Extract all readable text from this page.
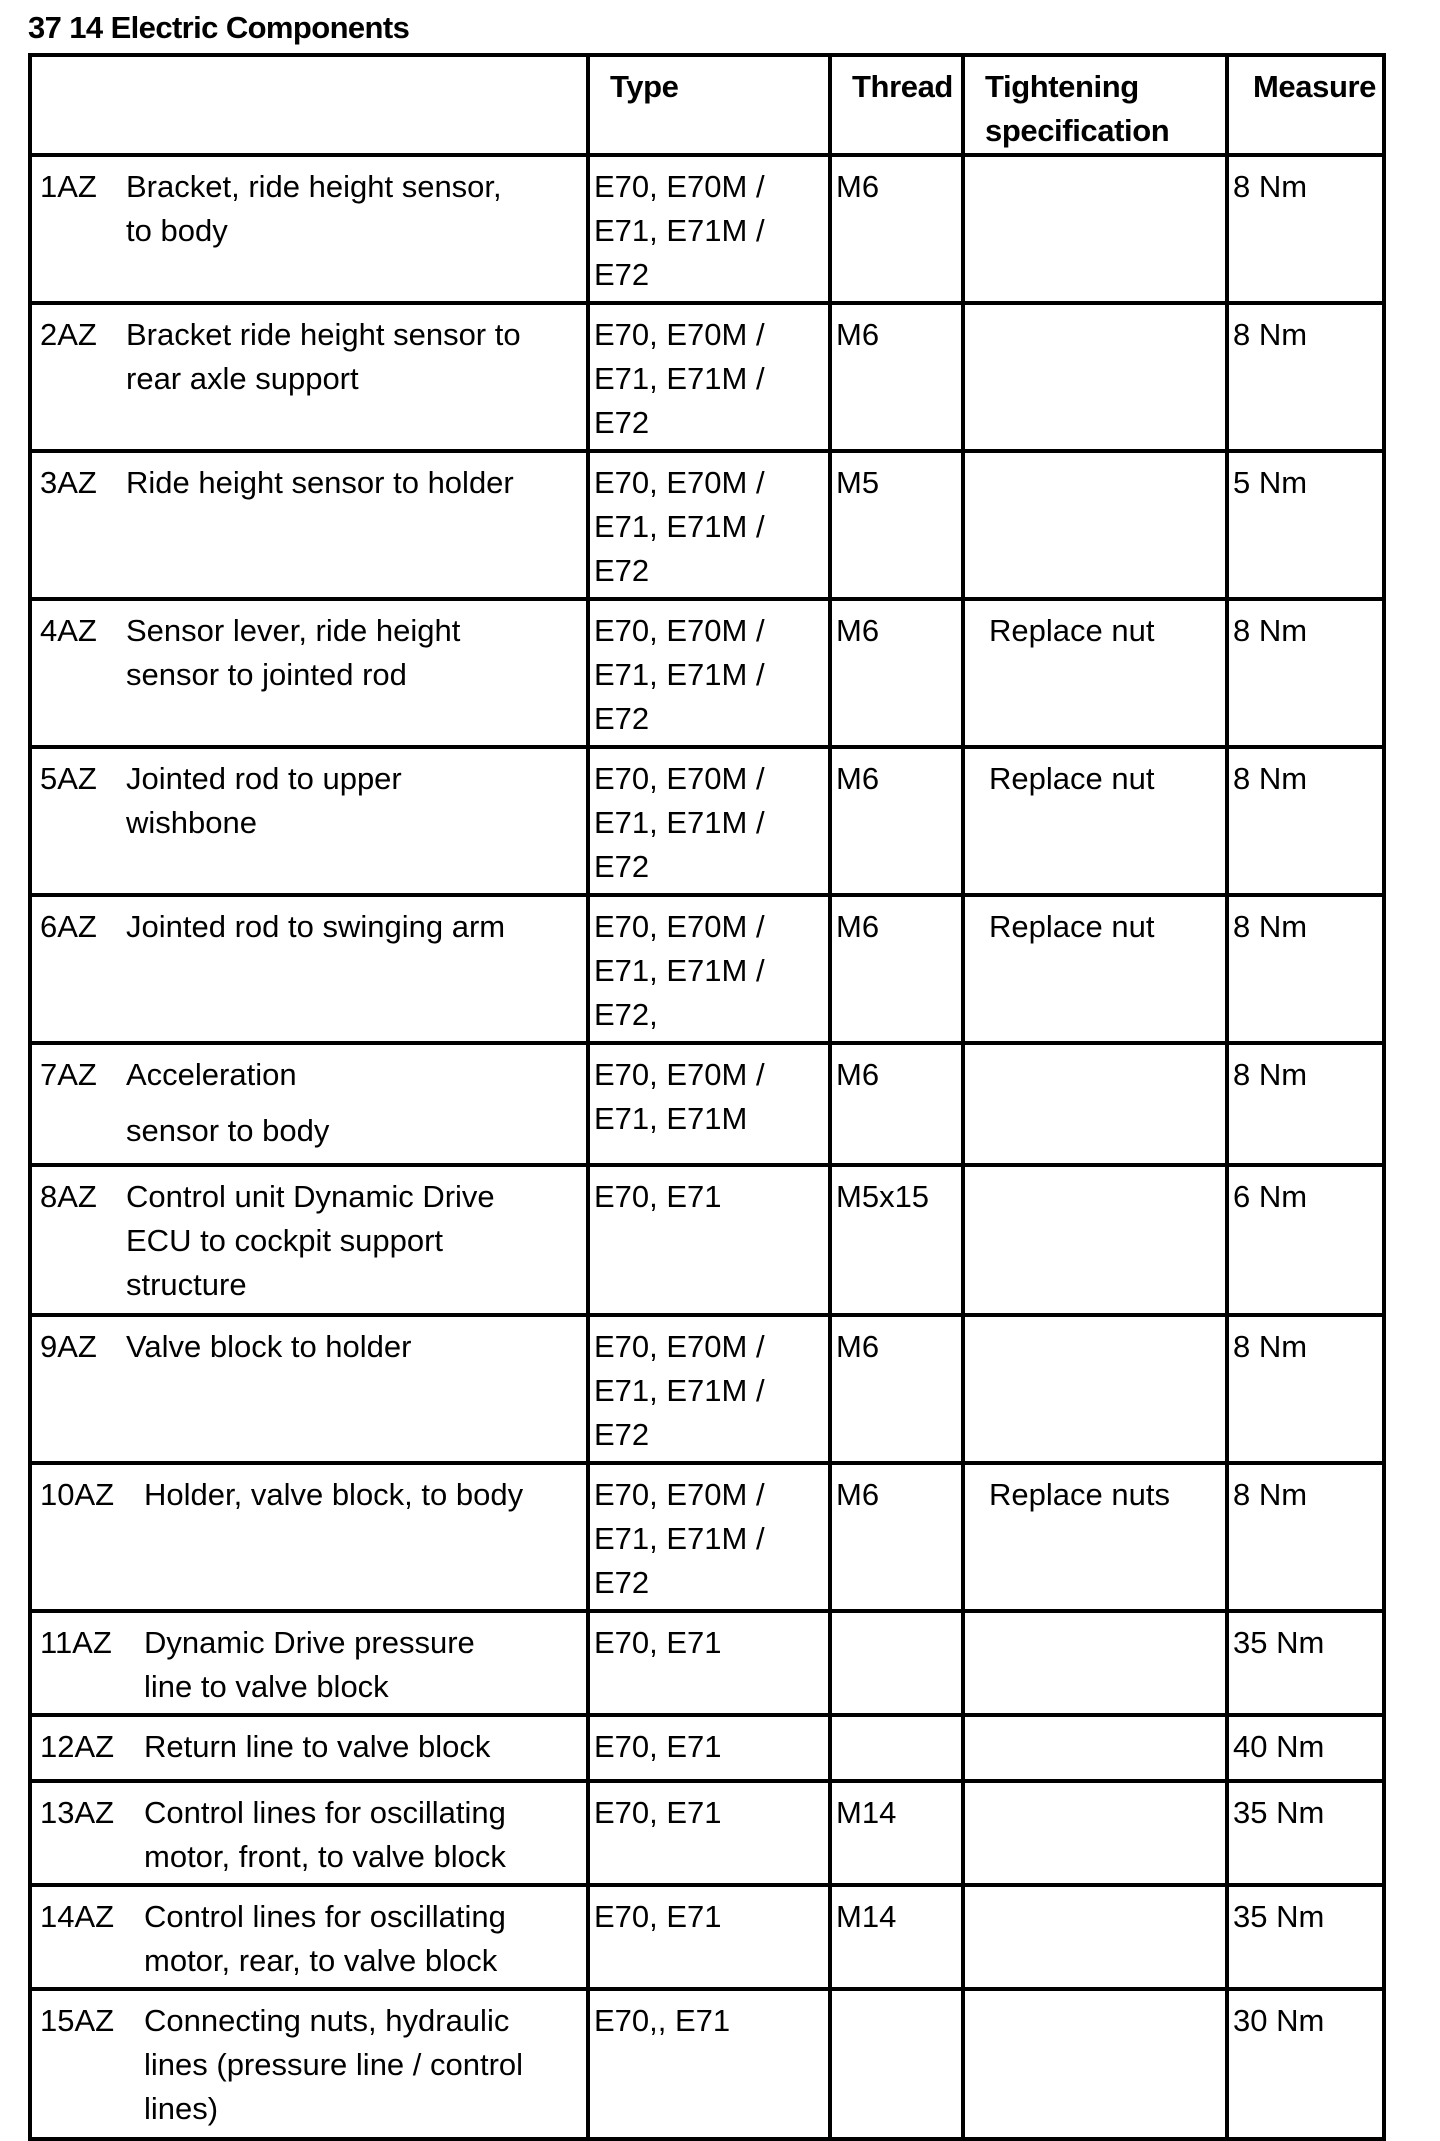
37 14 Electric Components
	Type	Thread	Tightening specification	Measure

1AZ Bracket, ride height sensor,
to body	E70, E70M /
E71, E71M /
E72	M6		8 Nm

2AZ Bracket ride height sensor to
rear axle support	E70, E70M /
E71, E71M /
E72	M6		8 Nm

3AZ Ride height sensor to holder	E70, E70M /
E71, E71M /
E72	M5		5 Nm

4AZ Sensor lever, ride height
sensor to jointed rod	E70, E70M /
E71, E71M /
E72	M6	Replace nut	8 Nm

5AZ Jointed rod to upper
wishbone	E70, E70M /
E71, E71M /
E72	M6	Replace nut	8 Nm

6AZ Jointed rod to swinging arm	E70, E70M /
E71, E71M /
E72,	M6	Replace nut	8 Nm

7AZ Acceleration
sensor to body	E70, E70M /
E71, E71M	M6		8 Nm

8AZ Control unit Dynamic Drive
ECU to cockpit support
structure	E70, E71	M5x15		6 Nm

9AZ Valve block to holder	E70, E70M /
E71, E71M /
E72	M6		8 Nm

10AZ Holder, valve block, to body	E70, E70M /
E71, E71M /
E72	M6	Replace nuts	8 Nm

11AZ Dynamic Drive pressure
line to valve block	E70, E71			35 Nm

12AZ Return line to valve block	E70, E71			40 Nm

13AZ Control lines for oscillating
motor, front, to valve block	E70, E71	M14		35 Nm

14AZ Control lines for oscillating
motor, rear, to valve block	E70, E71	M14		35 Nm

15AZ Connecting nuts, hydraulic
lines (pressure line / control
lines)	E70,, E71			30 Nm
